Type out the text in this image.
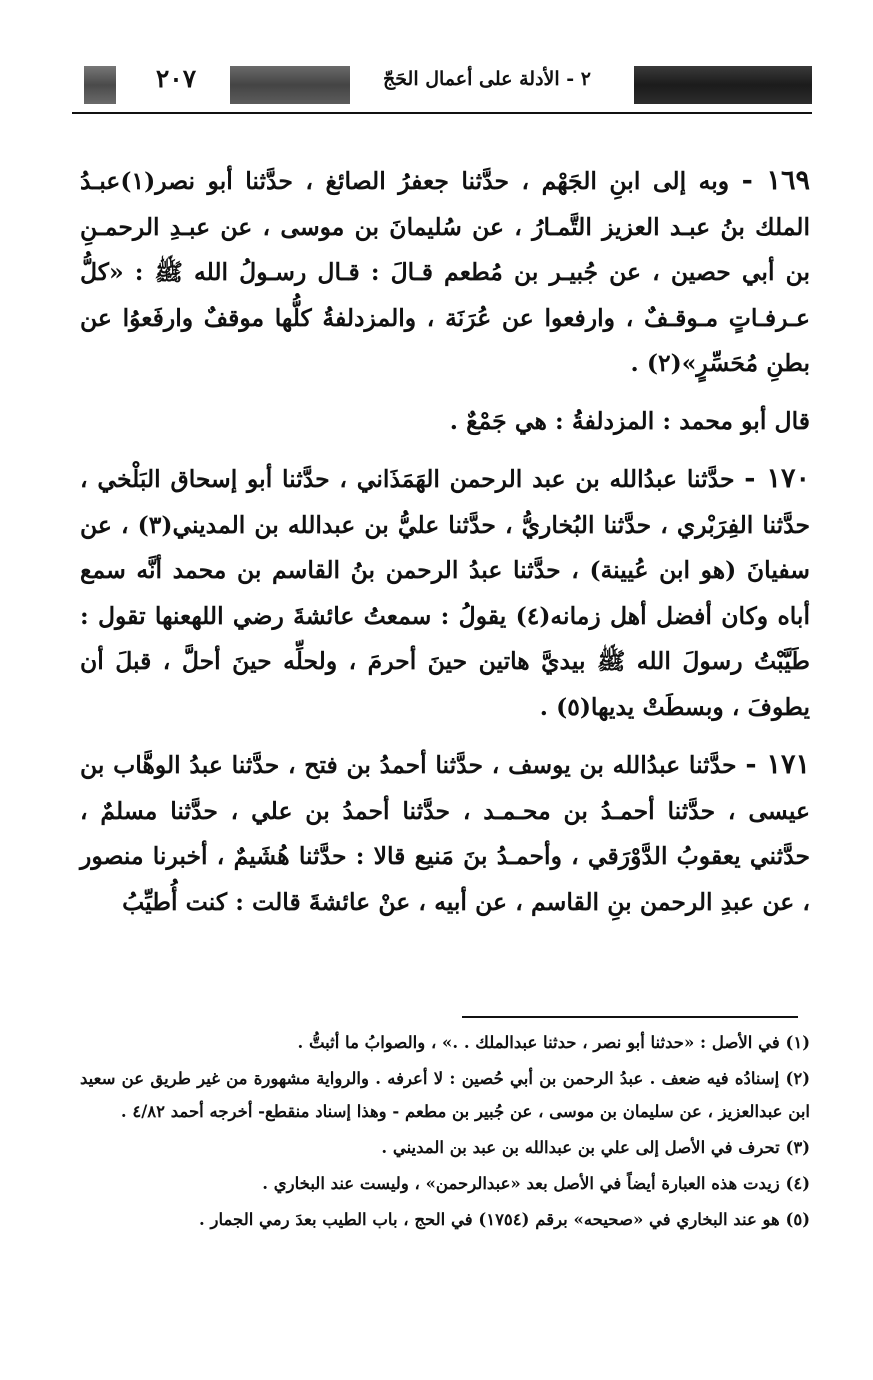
٢ - الأدلة على أعمال الحَجّ
٢٠٧

١٦٩ - وبه إلى ابنِ الجَهْم ، حدَّثنا جعفرُ الصائغ ، حدَّثنا أبو نصر(١)عبـدُ الملك بنُ عبـد العزيز التَّمـارُ ، عن سُليمانَ بن موسى ، عن عبـدِ الرحمـنِ بن أبي حصين ، عن جُبيـر بن مُطعم قـالَ : قـال رسـولُ الله ﷺ : «كلُّ عـرفـاتٍ مـوقـفٌ ، وارفعوا عن عُرَنَة ، والمزدلفةُ كلُّها موقفٌ وارفَعوُا عن بطنِ مُحَسِّرٍ»(٢) .

قال أبو محمد : المزدلفةُ : هي جَمْعٌ .

١٧٠ - حدَّثنا عبدُالله بن عبد الرحمن الهَمَذَاني ، حدَّثنا أبو إسحاق البَلْخي ، حدَّثنا الفِرَبْري ، حدَّثنا البُخاريُّ ، حدَّثنا عليُّ بن عبدالله بن المديني(٣) ، عن سفيانَ (هو ابن عُيينة) ، حدَّثنا عبدُ الرحمن بنُ القاسم بن محمد أنَّه سمع أباه وكان أفضل أهل زمانه(٤) يقولُ : سمعتُ عائشةَ رضي اللهعنها تقول : طَيَّبْتُ رسولَ الله ﷺ بيديَّ هاتين حينَ أحرمَ ، ولحلِّه حينَ أحلَّ ، قبلَ أن يطوفَ ، وبسطَتْ يديها(٥) .

١٧١ - حدَّثنا عبدُالله بن يوسف ، حدَّثنا أحمدُ بن فتح ، حدَّثنا عبدُ الوهَّاب بن عيسى ، حدَّثنا أحمـدُ بن محـمـد ، حدَّثنا أحمدُ بن علي ، حدَّثنا مسلمٌ ، حدَّثني يعقوبُ الدَّوْرَقي ، وأحمـدُ بنَ مَنيع قالا : حدَّثنا هُشَيمٌ ، أخبرنا منصور ، عن عبدِ الرحمن بنِ القاسم ، عن أبيه ، عنْ عائشةَ قالت : كنت أُطيِّبُ

(١) في الأصل : «حدثنا أبو نصر ، حدثنا عبدالملك . .» ، والصوابُ ما أثبتُّ .

(٢) إسنادُه فيه ضعف . عبدُ الرحمن بن أبي حُصين : لا أعرفه . والرواية مشهورة من غير طريق عن سعيد ابن عبدالعزيز ، عن سليمان بن موسى ، عن جُبير بن مطعم - وهذا إسناد منقطع- أخرجه أحمد ٤/٨٢ .

(٣) تحرف في الأصل إلى علي بن عبدالله بن عبد بن المديني .

(٤) زيدت هذه العبارة أيضاً في الأصل بعد «عبدالرحمن» ، وليست عند البخاري .

(٥) هو عند البخاري في «صحيحه» برقم (١٧٥٤) في الحج ، باب الطيب بعدَ رمي الجمار .
